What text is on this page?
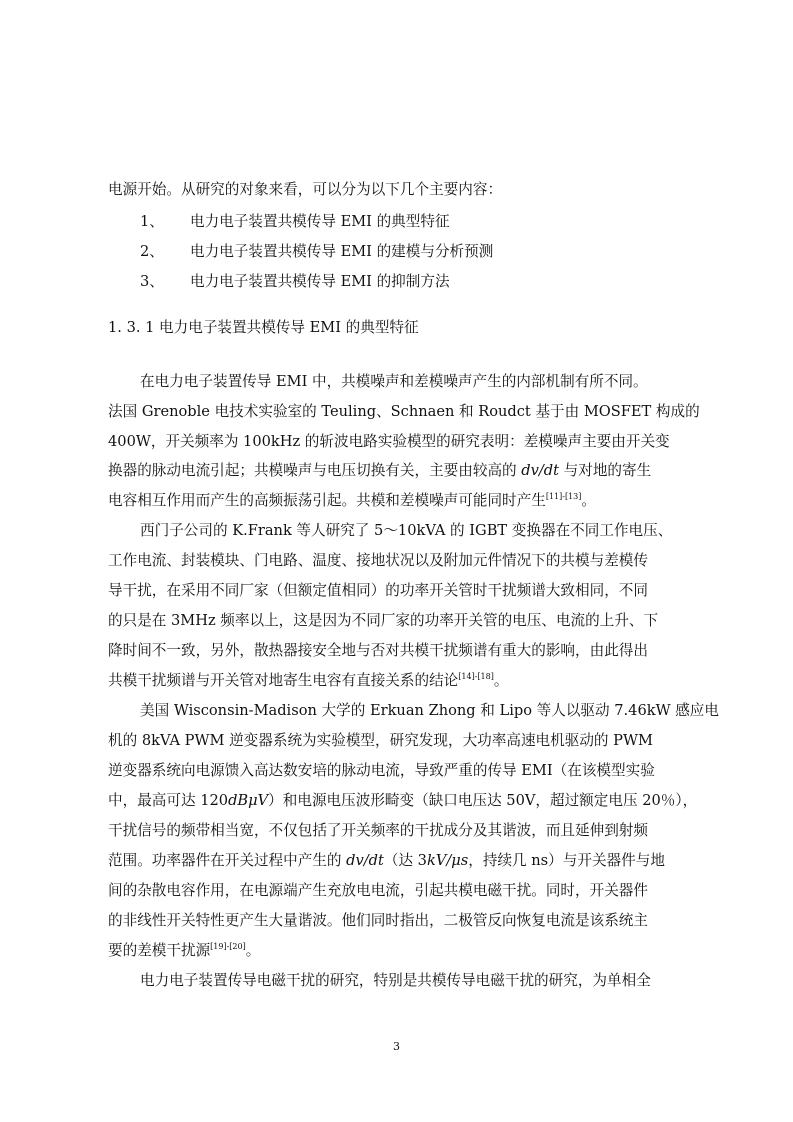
电源开始。从研究的对象来看，可以分为以下几个主要内容：
1、 电力电子装置共模传导 EMI 的典型特征
2、 电力电子装置共模传导 EMI 的建模与分析预测
3、 电力电子装置共模传导 EMI 的抑制方法
1. 3. 1 电力电子装置共模传导 EMI 的典型特征
在电力电子装置传导 EMI 中，共模噪声和差模噪声产生的内部机制有所不同。
法国 Grenoble 电技术实验室的 Teuling、Schnaen 和 Roudct 基于由 MOSFET 构成的
400W，开关频率为 100kHz 的斩波电路实验模型的研究表明：差模噪声主要由开关变
换器的脉动电流引起；共模噪声与电压切换有关，主要由较高的 dv/dt 与对地的寄生
电容相互作用而产生的高频振荡引起。共模和差模噪声可能同时产生[11]-[13]。
西门子公司的 K.Frank 等人研究了 5～10kVA 的 IGBT 变换器在不同工作电压、
工作电流、封装模块、门电路、温度、接地状况以及附加元件情况下的共模与差模传
导干扰，在采用不同厂家（但额定值相同）的功率开关管时干扰频谱大致相同，不同
的只是在 3MHz 频率以上，这是因为不同厂家的功率开关管的电压、电流的上升、下
降时间不一致，另外，散热器接安全地与否对共模干扰频谱有重大的影响，由此得出
共模干扰频谱与开关管对地寄生电容有直接关系的结论[14]-[18]。
美国 Wisconsin-Madison 大学的 Erkuan Zhong 和 Lipo 等人以驱动 7.46kW 感应电
机的 8kVA PWM 逆变器系统为实验模型，研究发现，大功率高速电机驱动的 PWM
逆变器系统向电源馈入高达数安培的脉动电流，导致严重的传导 EMI（在该模型实验
中，最高可达 120dBμV）和电源电压波形畸变（缺口电压达 50V，超过额定电压 20％），
干扰信号的频带相当宽，不仅包括了开关频率的干扰成分及其谐波，而且延伸到射频
范围。功率器件在开关过程中产生的 dv/dt（达 3kV/μs，持续几 ns）与开关器件与地
间的杂散电容作用，在电源端产生充放电电流，引起共模电磁干扰。同时，开关器件
的非线性开关特性更产生大量谐波。他们同时指出，二极管反向恢复电流是该系统主
要的差模干扰源[19]-[20]。
电力电子装置传导电磁干扰的研究，特别是共模传导电磁干扰的研究，为单相全
3
